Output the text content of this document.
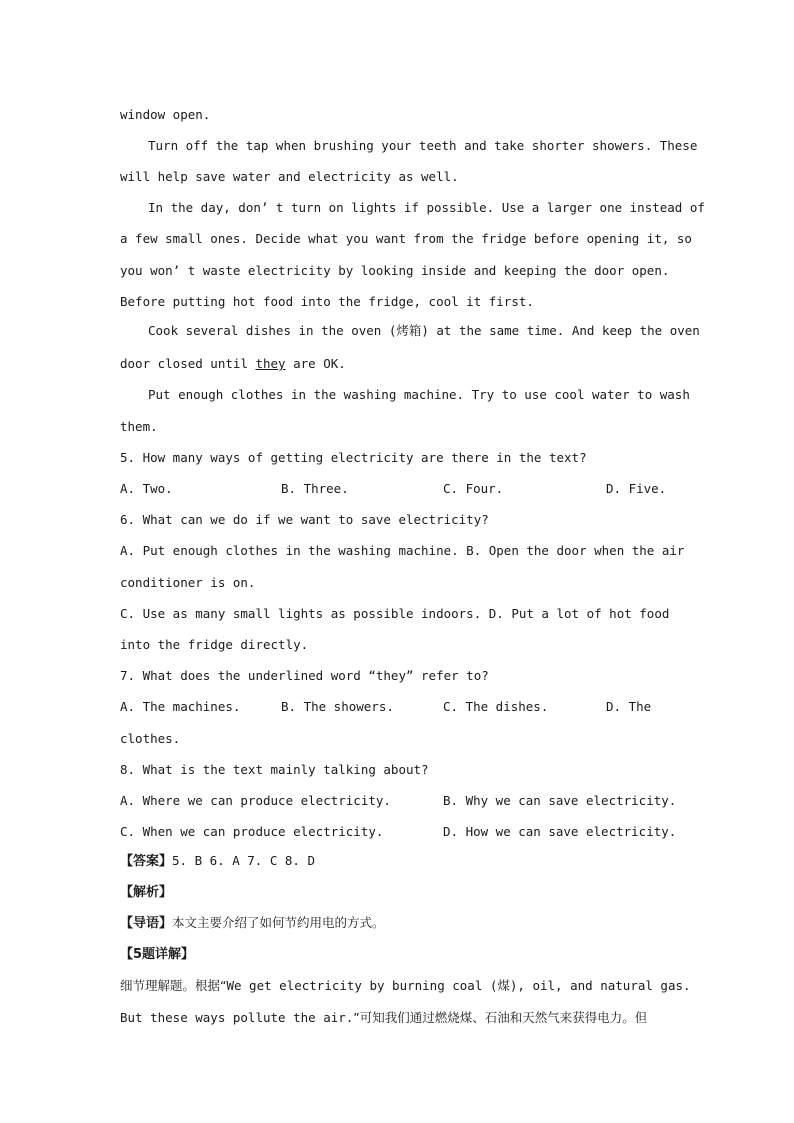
window open.
Turn off the tap when brushing your teeth and take shorter showers. These
will help save water and electricity as well.
In the day, don’ t turn on lights if possible. Use a larger one instead of
a few small ones. Decide what you want from the fridge before opening it, so
you won’ t waste electricity by looking inside and keeping the door open.
Before putting hot food into the fridge, cool it first.
Cook several dishes in the oven (烤箱) at the same time. And keep the oven
door closed until they are OK.
Put enough clothes in the washing machine. Try to use cool water to wash
them.
5. How many ways of getting electricity are there in the text?
A. Two.	B. Three.	C. Four.	D. Five.
6. What can we do if we want to save electricity?
A. Put enough clothes in the washing machine. B. Open the door when the air
conditioner is on.
C. Use as many small lights as possible indoors. D. Put a lot of hot food
into the fridge directly.
7. What does the underlined word “they” refer to?
A. The machines.	B. The showers.	C. The dishes.	D. The
clothes.
8. What is the text mainly talking about?
A. Where we can produce electricity.	B. Why we can save electricity.
C. When we can produce electricity.	D. How we can save electricity.
【答案】5. B 6. A 7. C 8. D
【解析】
【导语】本文主要介绍了如何节约用电的方式。
【5题详解】
细节理解题。根据“We get electricity by burning coal (煤), oil, and natural gas.
But these ways pollute the air.”可知我们通过燃烧煤、石油和天然气来获得电力。但
